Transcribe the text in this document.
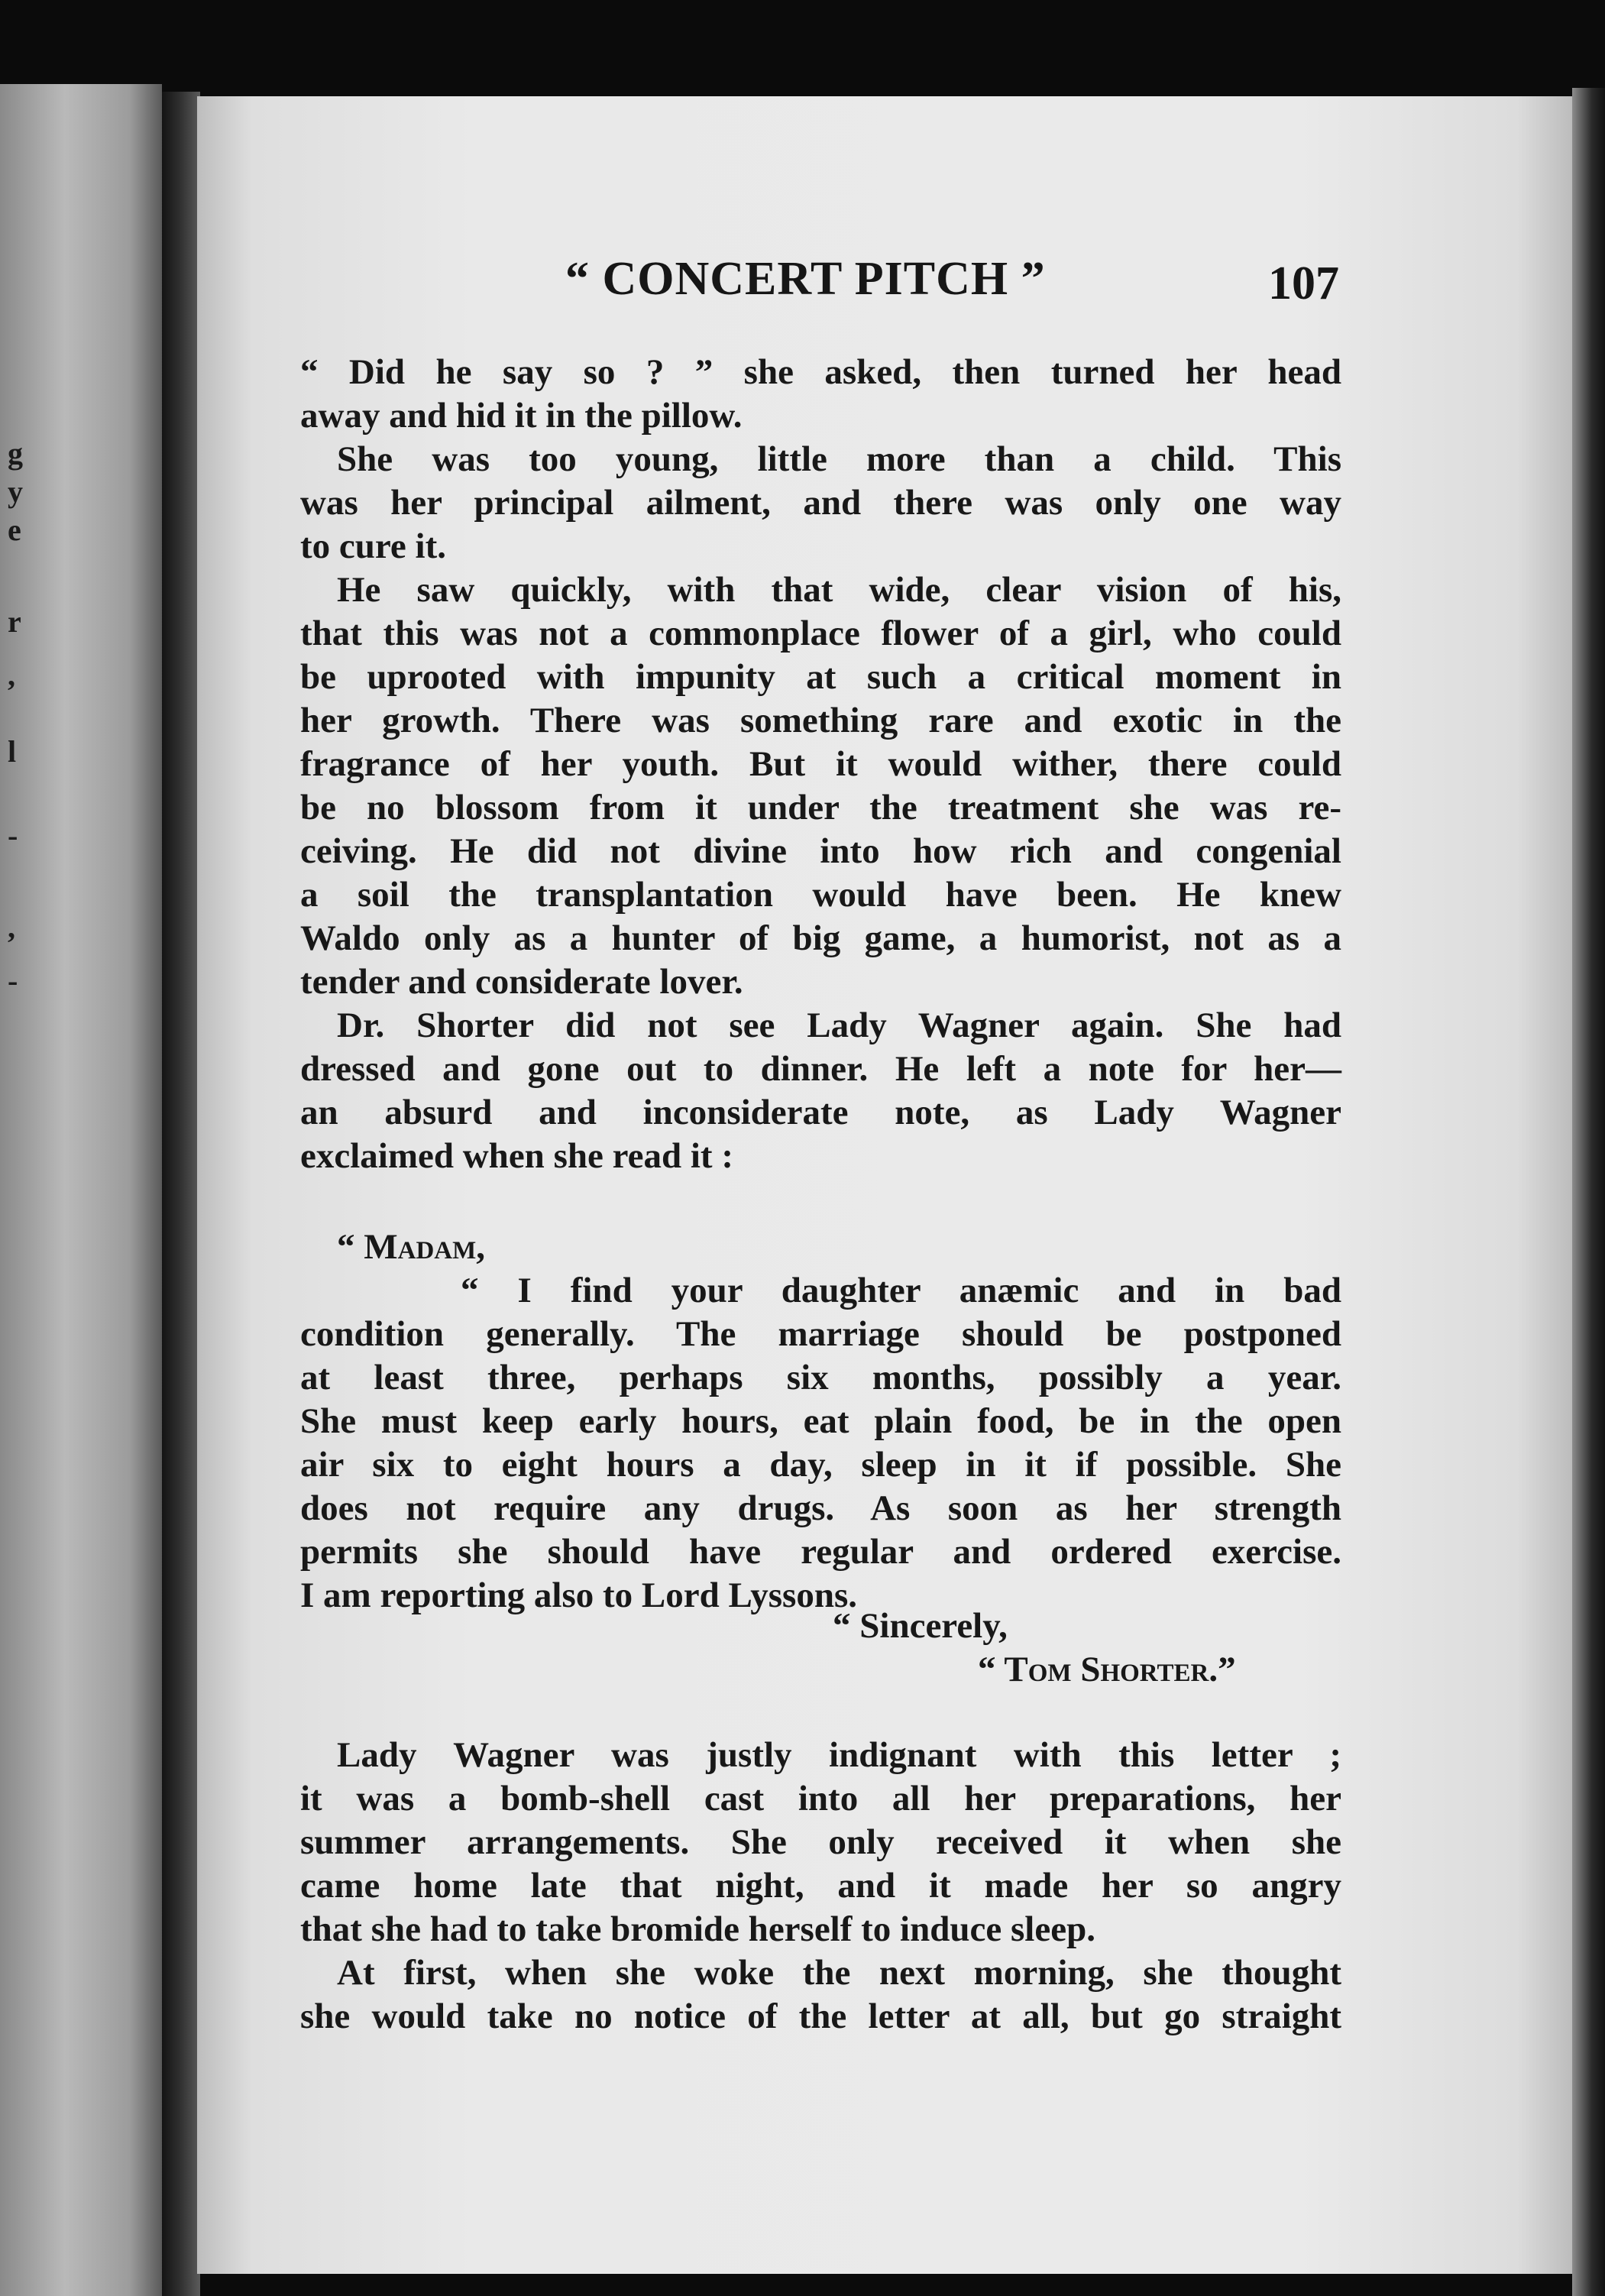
g
y
e
r
,
l
-
,
-
“ CONCERT PITCH ”	107
“ Did he say so ? ” she asked, then turned her head
away and hid it in the pillow.
She was too young, little more than a child. This
was her principal ailment, and there was only one way
to cure it.
He saw quickly, with that wide, clear vision of his,
that this was not a commonplace flower of a girl, who could
be uprooted with impunity at such a critical moment in
her growth. There was something rare and exotic in the
fragrance of her youth. But it would wither, there could
be no blossom from it under the treatment she was re-
ceiving. He did not divine into how rich and congenial
a soil the transplantation would have been. He knew
Waldo only as a hunter of big game, a humorist, not as a
tender and considerate lover.
Dr. Shorter did not see Lady Wagner again. She had
dressed and gone out to dinner. He left a note for her—
an absurd and inconsiderate note, as Lady Wagner
exclaimed when she read it :
“ Madam,
“ I find your daughter anæmic and in bad
condition generally. The marriage should be postponed
at least three, perhaps six months, possibly a year.
She must keep early hours, eat plain food, be in the open
air six to eight hours a day, sleep in it if possible. She
does not require any drugs. As soon as her strength
permits she should have regular and ordered exercise.
I am reporting also to Lord Lyssons.
“ Sincerely,
“ Tom Shorter.”
Lady Wagner was justly indignant with this letter ;
it was a bomb-shell cast into all her preparations, her
summer arrangements. She only received it when she
came home late that night, and it made her so angry
that she had to take bromide herself to induce sleep.
At first, when she woke the next morning, she thought
she would take no notice of the letter at all, but go straight
